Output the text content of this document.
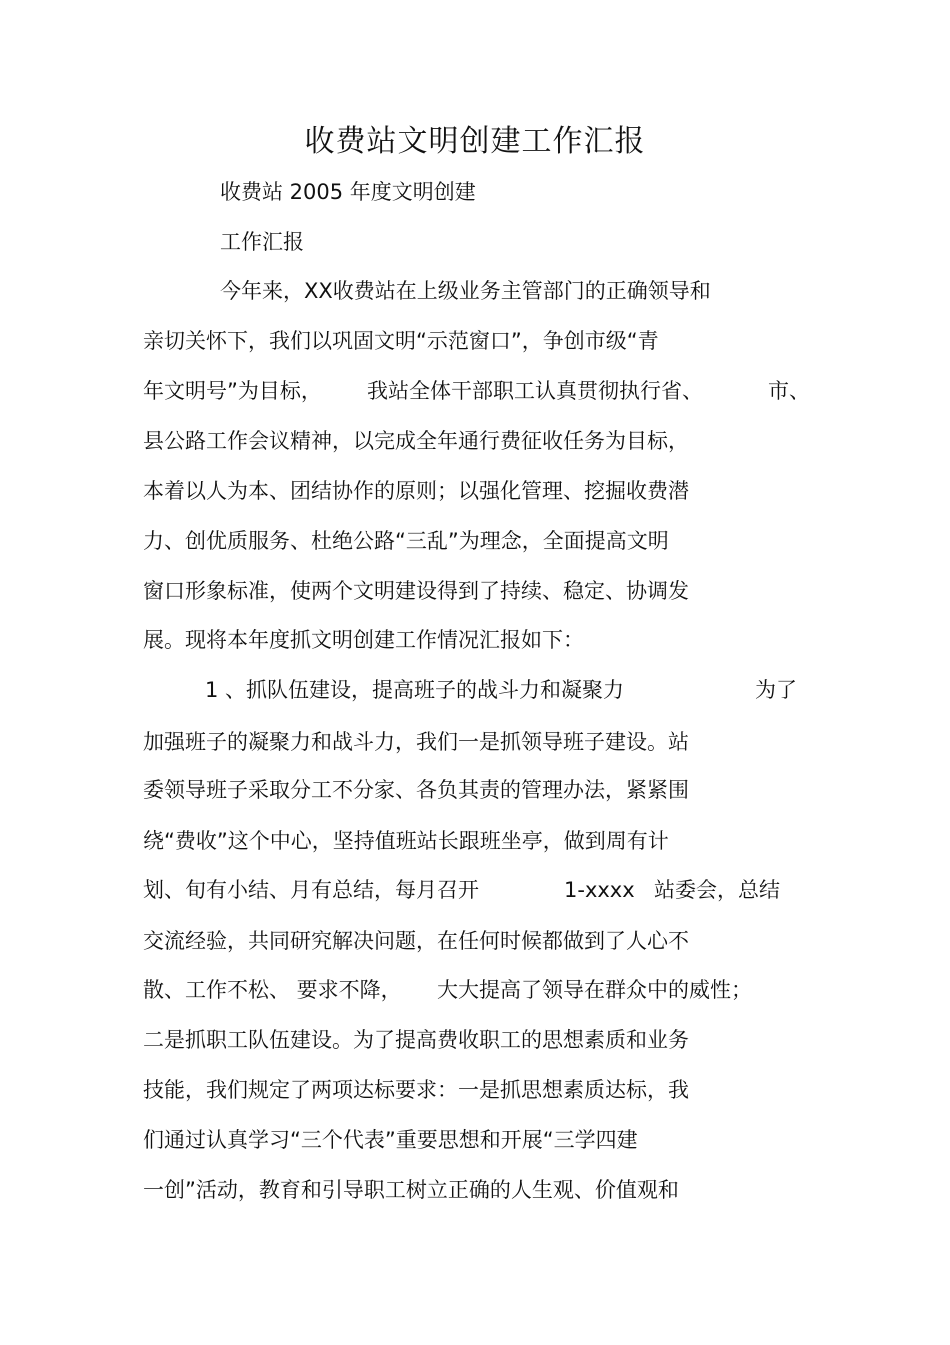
收费站文明创建工作汇报
收费站 2005 年度文明创建
工作汇报
今年来，XX收费站在上级业务主管部门的正确领导和
亲切关怀下，我们以巩固文明“示范窗口”，争创市级“青
年文明号”为目标， 我站全体干部职工认真贯彻执行省、	市、
县公路工作会议精神，以完成全年通行费征收任务为目标，
本着以人为本、团结协作的原则；以强化管理、挖掘收费潜
力、创优质服务、杜绝公路“三乱”为理念，全面提高文明
窗口形象标准，使两个文明建设得到了持续、稳定、协调发
展。现将本年度抓文明创建工作情况汇报如下：
1 、抓队伍建设，提高班子的战斗力和凝聚力	为了
加强班子的凝聚力和战斗力，我们一是抓领导班子建设。站
委领导班子采取分工不分家、各负其责的管理办法，紧紧围
绕“费收”这个中心，坚持值班站长跟班坐亭，做到周有计
划、旬有小结、月有总结，每月召开	1-xxxx 站委会，总结
交流经验，共同研究解决问题，在任何时候都做到了人心不
散、工作不松、 要求不降， 大大提高了领导在群众中的威性；
二是抓职工队伍建设。为了提高费收职工的思想素质和业务
技能，我们规定了两项达标要求：一是抓思想素质达标，我
们通过认真学习“三个代表”重要思想和开展“三学四建
一创”活动，教育和引导职工树立正确的人生观、价值观和
